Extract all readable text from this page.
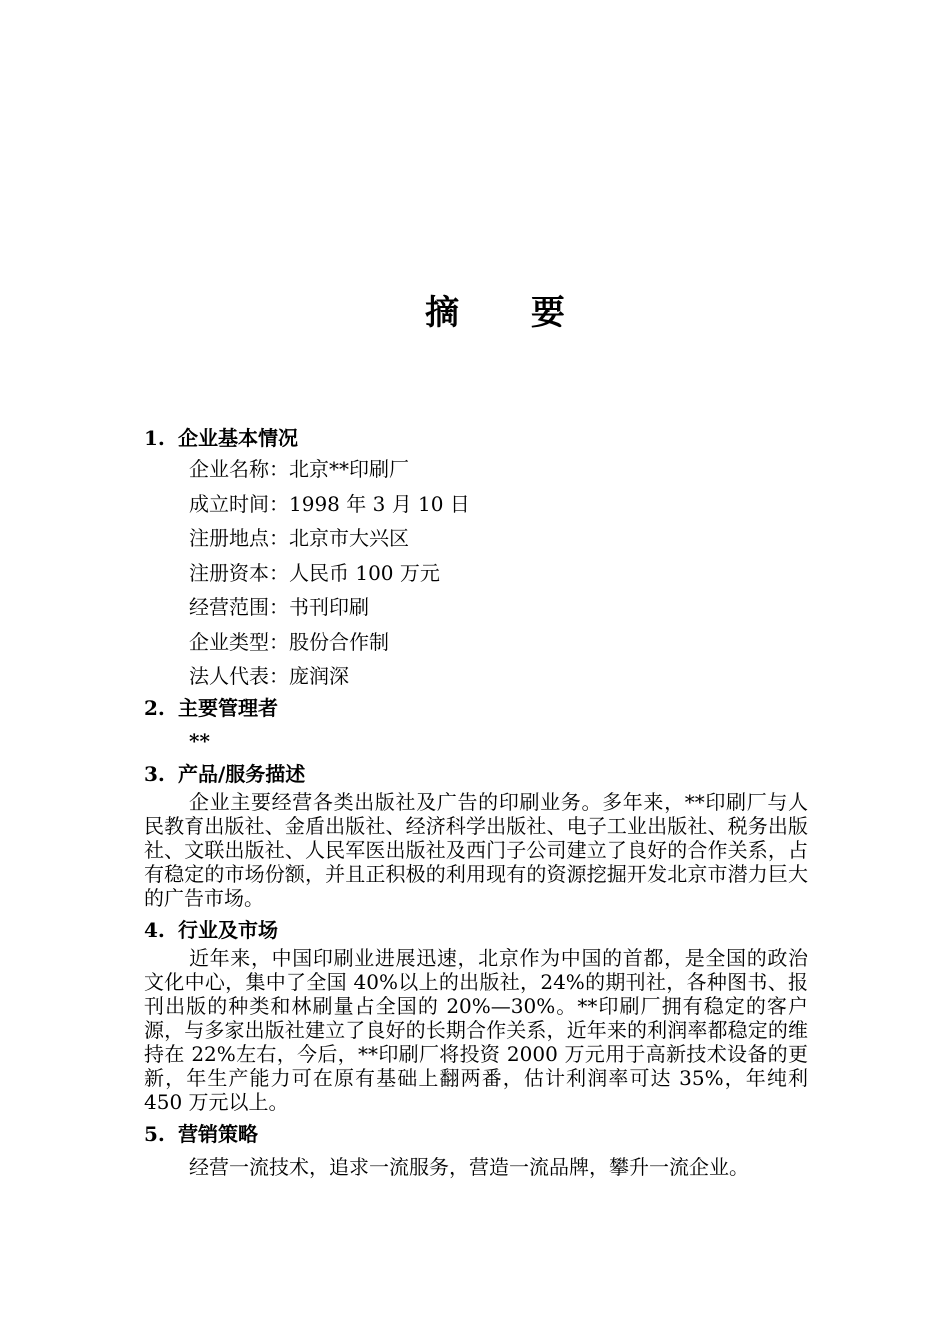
摘 要
1. 企业基本情况
企业名称：北京**印刷厂
成立时间：1998 年 3 月 10 日
注册地点：北京市大兴区
注册资本：人民币 100 万元
经营范围：书刊印刷
企业类型：股份合作制
法人代表：庞润深
2. 主要管理者
**
3. 产品/服务描述

企业主要经营各类出版社及广告的印刷业务。多年来，**印刷厂与人民教育出版社、金盾出版社、经济科学出版社、电子工业出版社、税务出版社、文联出版社、人民军医出版社及西门子公司建立了良好的合作关系，占有稳定的市场份额，并且正积极的利用现有的资源挖掘开发北京市潜力巨大的广告市场。

4. 行业及市场

近年来，中国印刷业进展迅速，北京作为中国的首都，是全国的政治文化中心，集中了全国 40%以上的出版社，24%的期刊社，各种图书、报刊出版的种类和林刷量占全国的 20%—30%。**印刷厂拥有稳定的客户源，与多家出版社建立了良好的长期合作关系，近年来的利润率都稳定的维持在 22%左右，今后，**印刷厂将投资 2000 万元用于高新技术设备的更新，年生产能力可在原有基础上翻两番，估计利润率可达 35%，年纯利 450 万元以上。

5. 营销策略

经营一流技术，追求一流服务，营造一流品牌，攀升一流企业。
